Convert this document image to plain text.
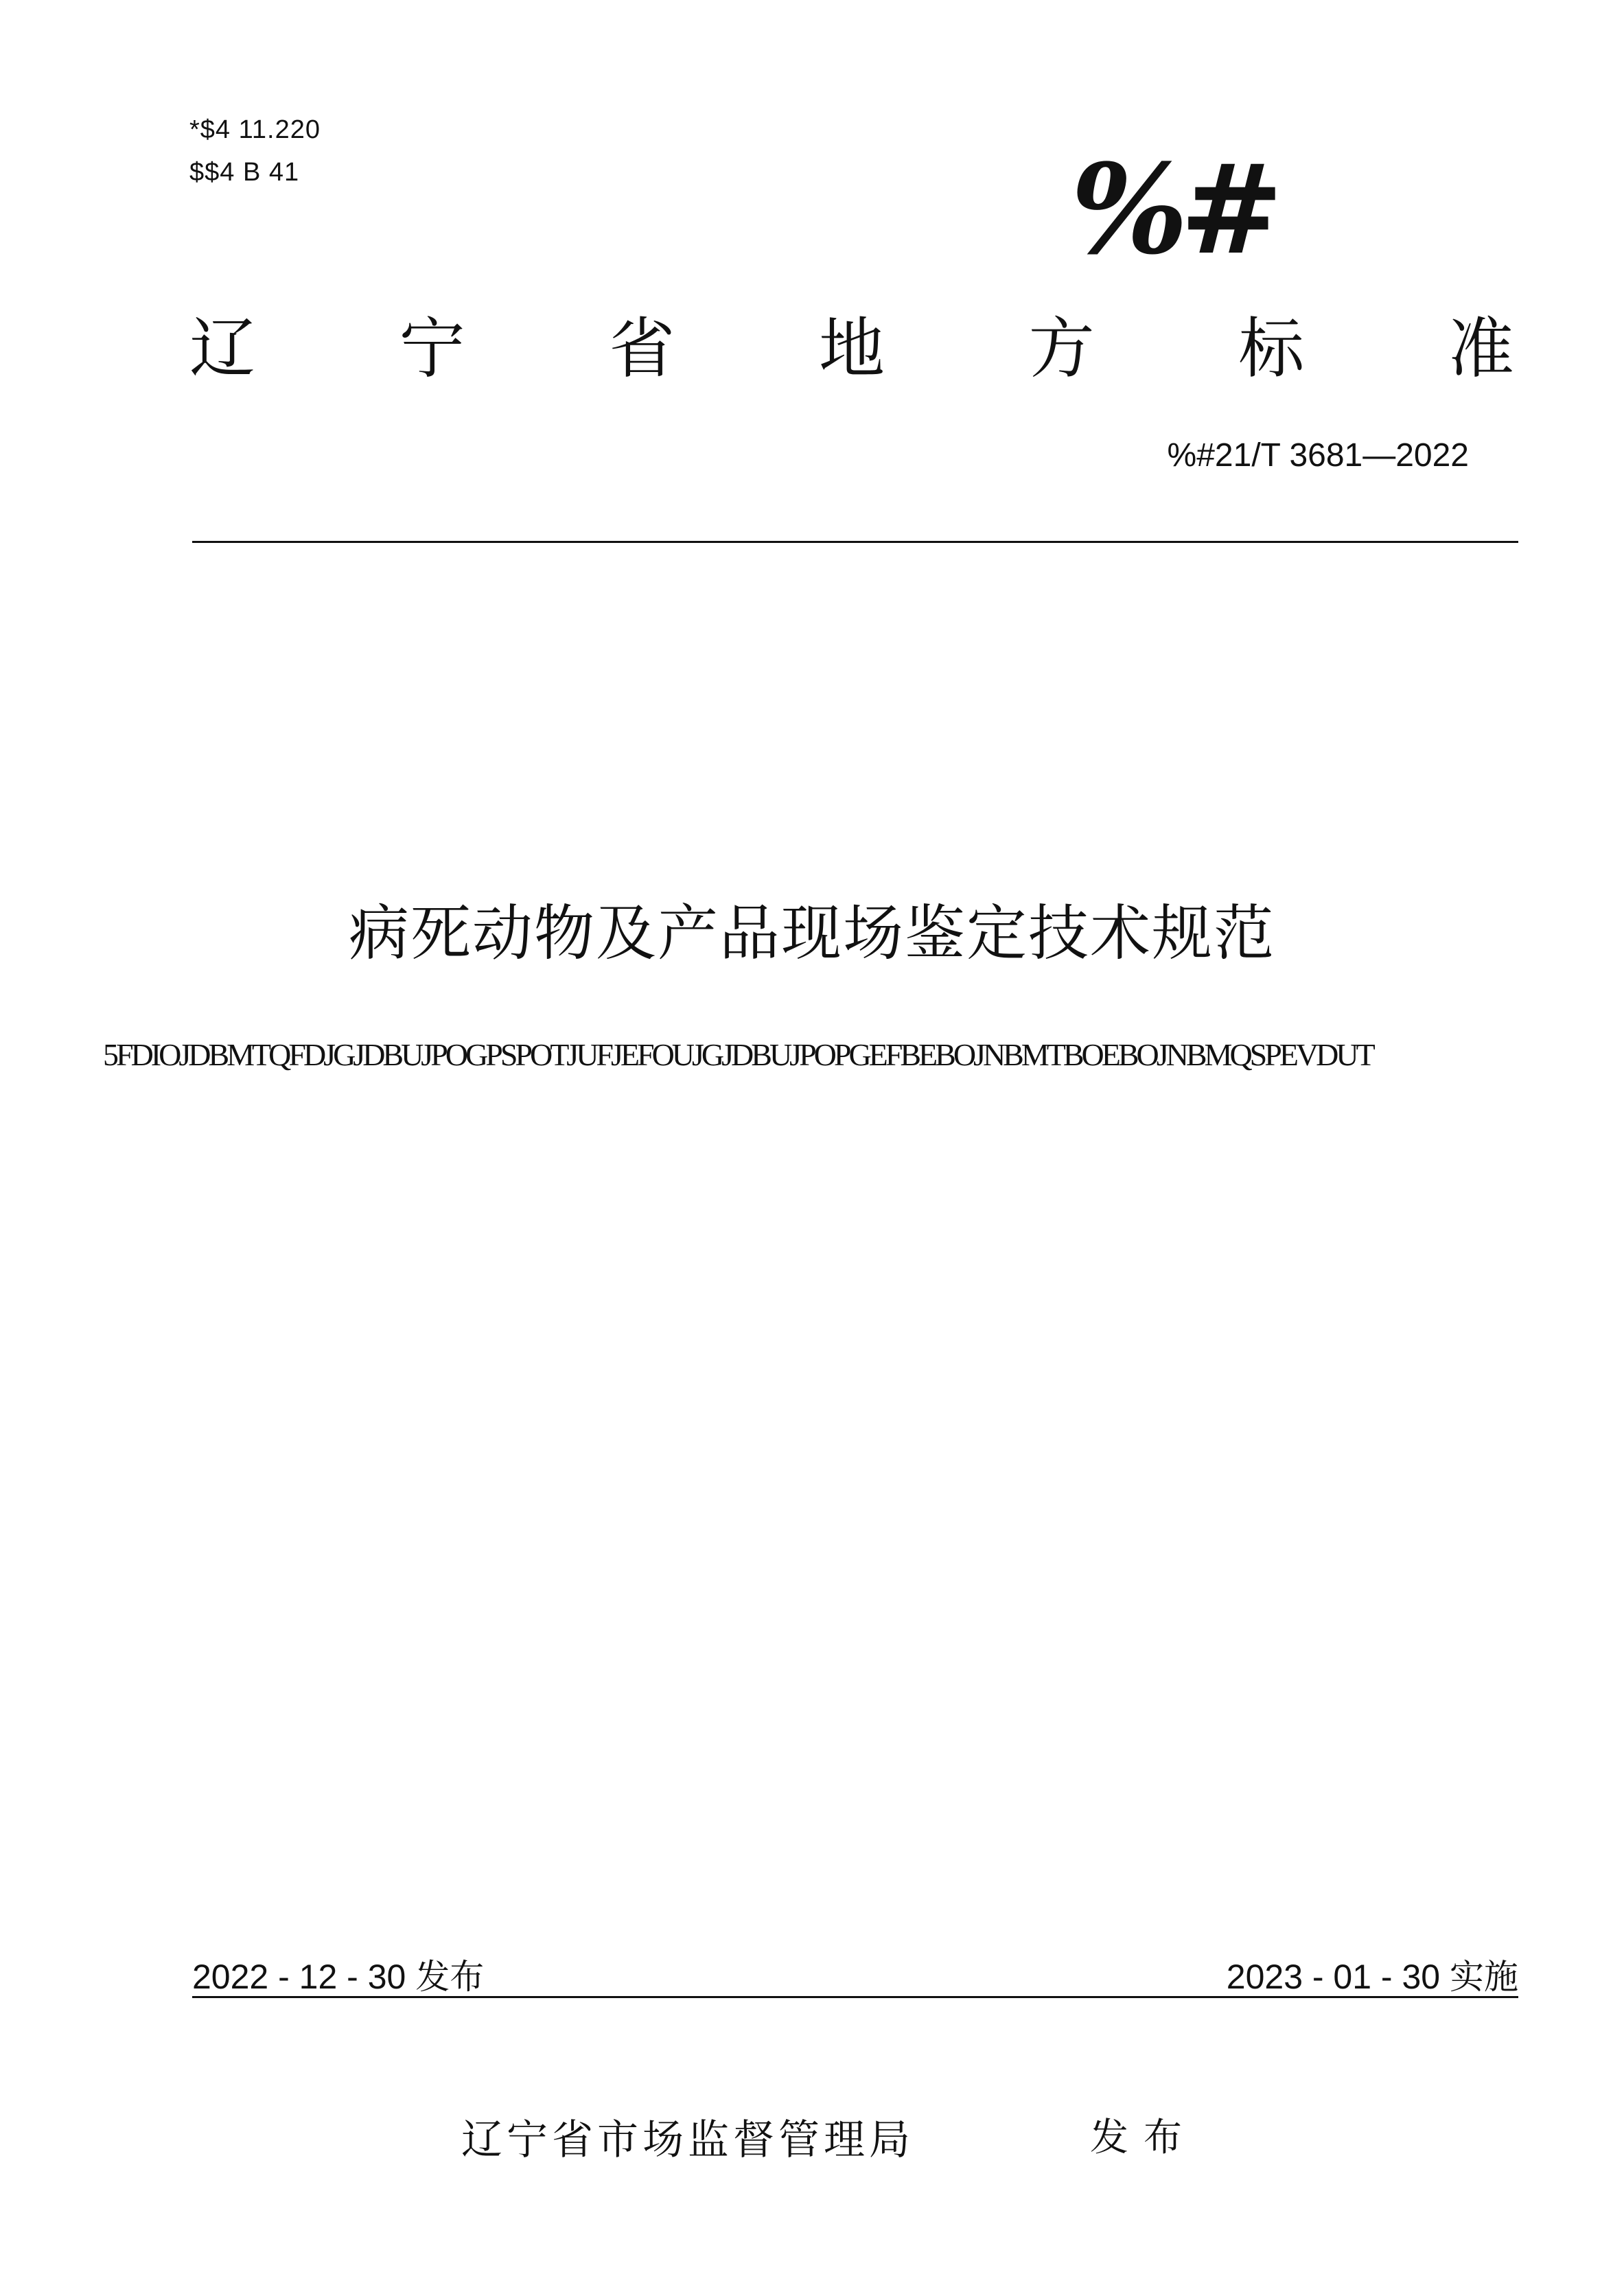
*$4 11.220
$$4 B 41	%#
辽 宁 省 地 方 标 准
%#21/T 3681—2022
病死动物及产品现场鉴定技术规范
5FDIOJDBMTQFDJGJDBUJPOGPSPOTJUFJEFOUJGJDBUJPOPGEFBEBOJNBMTBOEBOJNBMQSPEVDUT
2022 - 12 - 30 发布	2023 - 01 - 30 实施
辽宁省市场监督管理局	发布
